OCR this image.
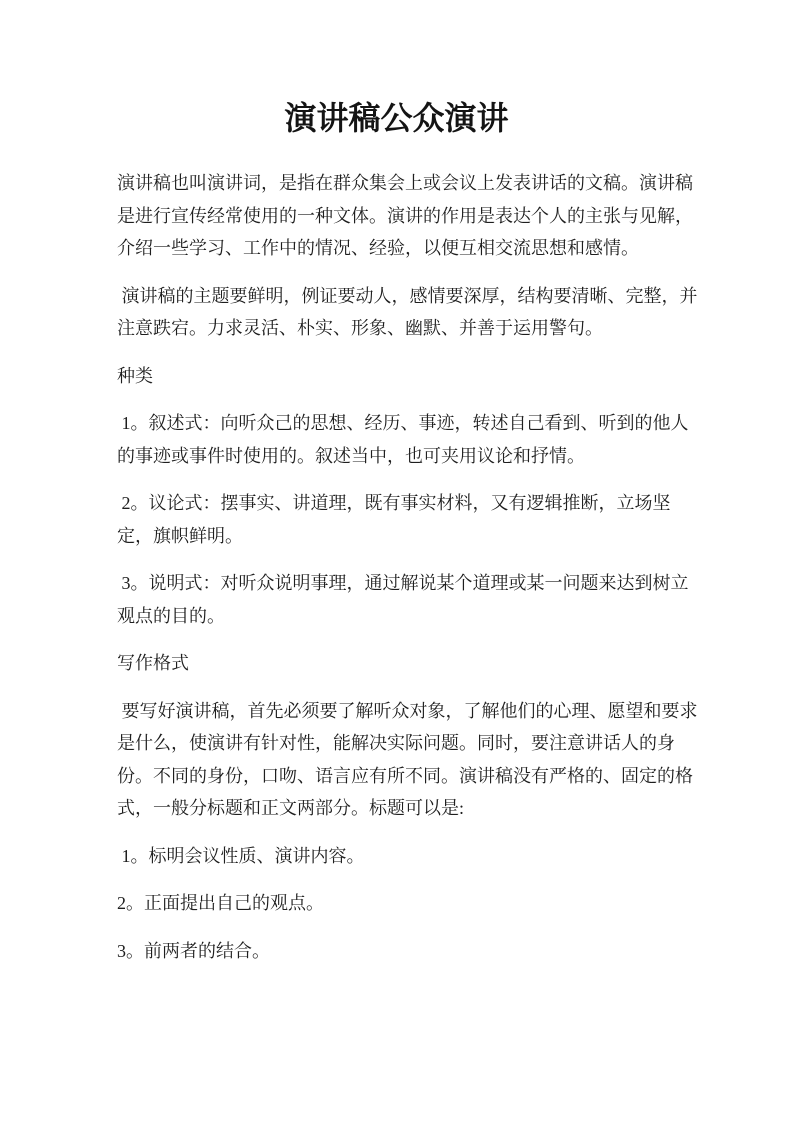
演讲稿公众演讲

演讲稿也叫演讲词，是指在群众集会上或会议上发表讲话的文稿。演讲稿是进行宣传经常使用的一种文体。演讲的作用是表达个人的主张与见解，介绍一些学习、工作中的情况、经验，以便互相交流思想和感情。

演讲稿的主题要鲜明，例证要动人，感情要深厚，结构要清晰、完整，并注意跌宕。力求灵活、朴实、形象、幽默、并善于运用警句。

种类

1。叙述式：向听众己的思想、经历、事迹，转述自己看到、听到的他人的事迹或事件时使用的。叙述当中，也可夹用议论和抒情。

2。议论式：摆事实、讲道理，既有事实材料，又有逻辑推断，立场坚定，旗帜鲜明。

3。说明式：对听众说明事理，通过解说某个道理或某一问题来达到树立观点的目的。

写作格式

要写好演讲稿，首先必须要了解听众对象，了解他们的心理、愿望和要求是什么，使演讲有针对性，能解决实际问题。同时，要注意讲话人的身份。不同的身份，口吻、语言应有所不同。演讲稿没有严格的、固定的格式，一般分标题和正文两部分。标题可以是:

1。标明会议性质、演讲内容。

2。正面提出自己的观点。

3。前两者的结合。
